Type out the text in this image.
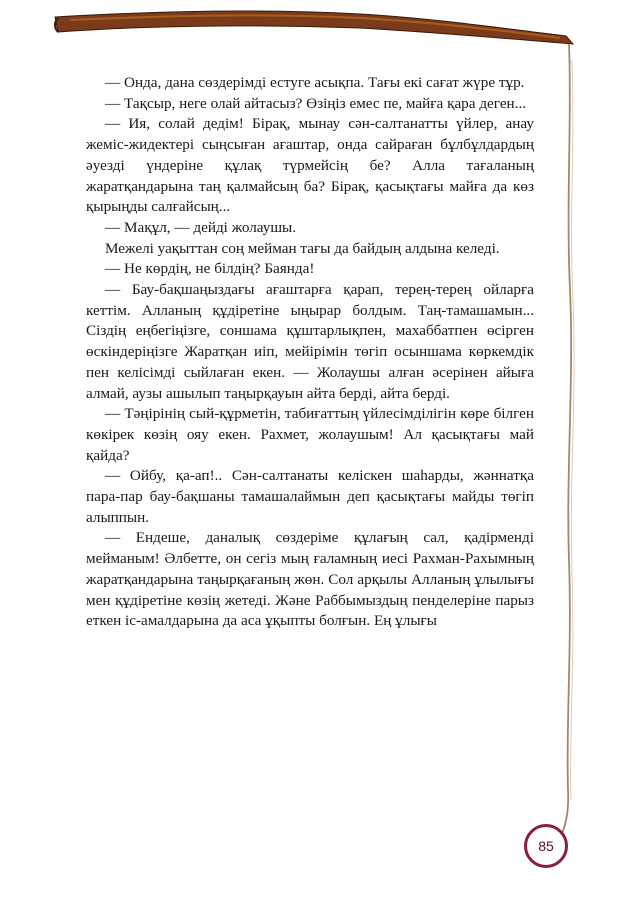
— Онда, дана сөздерімді естуге асықпа. Тағы екі сағат жүре тұр.

— Тақсыр, неге олай айтасыз? Өзіңіз емес пе, майға қара деген...

— Ия, солай дедім! Бірақ, мынау сән-салтанатты үйлер, анау жеміс-жидектері сыңсыған ағаштар, онда сайраған бұлбұлдардың әуезді үндеріне құлақ түрмейсің бе? Алла тағаланың жаратқандарына таң қалмайсың ба? Бірақ, қасықтағы майға да көз қырыңды салғайсың...

— Мақұл, — дейді жолаушы.

Межелі уақыттан соң мейман тағы да байдың алдына келеді.

— Не көрдің, не білдің? Баянда!

— Бау-бақшаңыздағы ағаштарға қарап, терең-терең ойларға кеттім. Алланың құдіретіне ыңырар болдым. Таң-тамашамын... Сіздің еңбегіңізге, соншама құштарлықпен, махаббатпен өсірген өскіндеріңізге Жаратқан иіп, мейірімін төгіп осыншама көркемдік пен келісімді сыйлаған екен. — Жолаушы алған әсерінен айыға алмай, аузы ашылып таңырқауын айта берді, айта берді.

— Тәңірінің сый-құрметін, табиғаттың үйлесімділігін көре білген көкірек көзің ояу екен. Рахмет, жолаушым! Ал қасықтағы май қайда?

— Ойбу, қа-ап!.. Сән-салтанаты келіскен шаһарды, жәннатқа пара-пар бау-бақшаны тамашалаймын деп қасықтағы майды төгіп алыппын.

— Ендеше, даналық сөздеріме құлағың сал, қадірменді мейманым! Әлбетте, он сегіз мың ғаламның иесі Рахман-Рахымның жаратқандарына таңырқағаның жөн. Сол арқылы Алланың ұлылығы мен құдіретіне көзің жетеді. Және Раббымыздың пенделеріне парыз еткен іс-амалдарына да аса ұқыпты болғын. Ең ұлығы

85
